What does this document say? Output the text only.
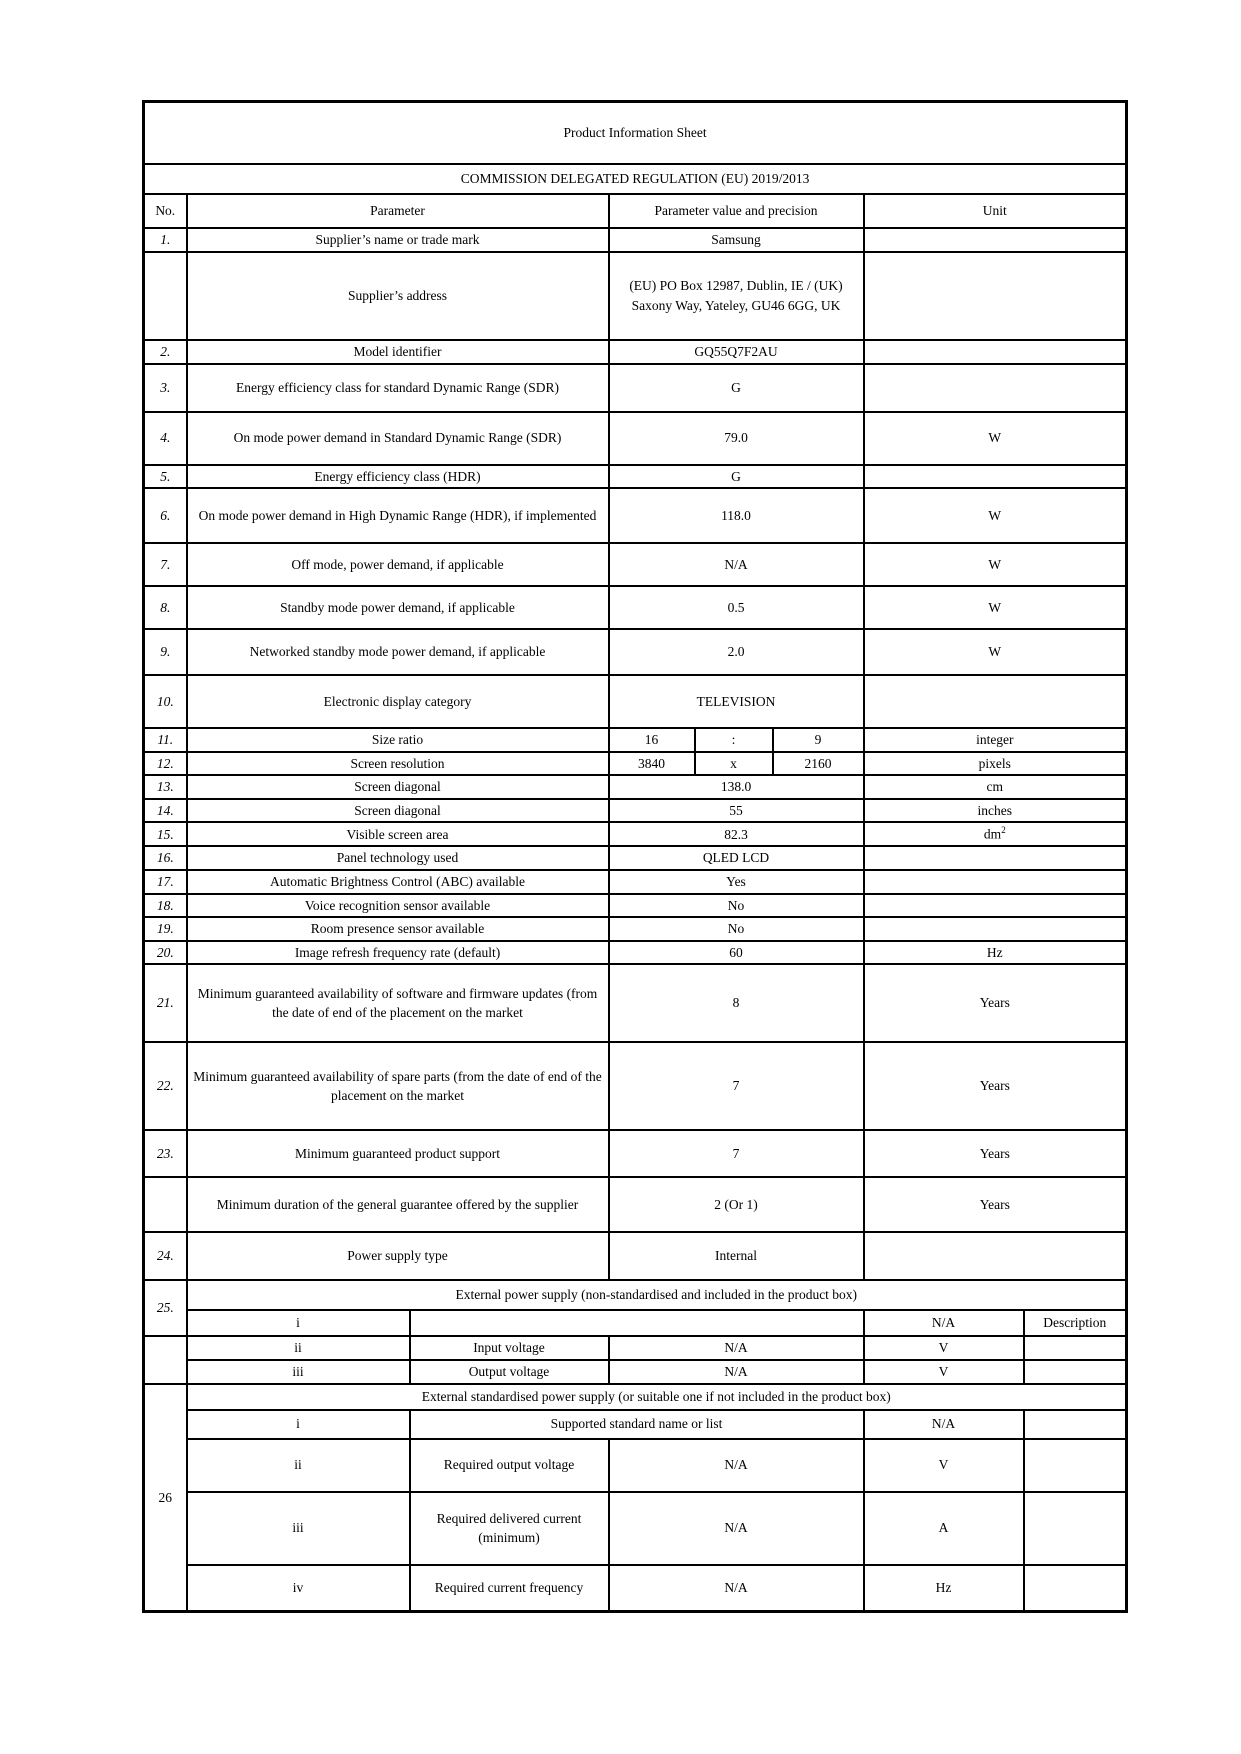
Product Information Sheet							
COMMISSION DELEGATED REGULATION (EU) 2019/2013							
No.	Parameter		Parameter value and precision			Unit	
1.	Supplier’s name or trade mark		Samsung				
	Supplier’s address		(EU) PO Box 12987, Dublin, IE / (UK) Saxony Way, Yateley, GU46 6GG, UK				
2.	Model identifier		GQ55Q7F2AU				
3.	Energy efficiency class for standard Dynamic Range (SDR)		G				
4.	On mode power demand in Standard Dynamic Range (SDR)		79.0			W	
5.	Energy efficiency class (HDR)		G				
6.	On mode power demand in High Dynamic Range (HDR), if implemented		118.0			W	
7.	Off mode, power demand, if applicable		N/A			W	
8.	Standby mode power demand, if applicable		0.5			W	
9.	Networked standby mode power demand, if applicable		2.0			W	
10.	Electronic display category		TELEVISION				
11.	Size ratio		16	:	9	integer	
12.	Screen resolution		3840	x	2160	pixels	
13.	Screen diagonal		138.0			cm	
14.	Screen diagonal		55			inches	
15.	Visible screen area		82.3			$dm^2$
16.	Panel technology used		QLED LCD				
17.	Automatic Brightness Control (ABC) available		Yes				
18.	Voice recognition sensor available		No				
19.	Room presence sensor available		No				
20.	Image refresh frequency rate (default)		60			Hz	
21.	Minimum guaranteed availability of software and firmware updates (from the date of end of the placement on the market		8			Years	
22.	Minimum guaranteed availability of spare parts (from the date of end of the placement on the market		7			Years	
23.	Minimum guaranteed product support		7			Years	
	Minimum duration of the general guarantee offered by the supplier		2 (Or 1)			Years	
24.	Power supply type		Internal				
25.	External power supply (non-standardised and included in the product box)						
	i					N/A	Description
	ii	Input voltage	N/A			V	
	iii	Output voltage	N/A			V	
26	External standardised power supply (or suitable one if not included in the product box)						
	i	Supported standard name or list				N/A	
	ii	Required output voltage	N/A			V	
	iii	Required delivered current (minimum)	N/A			A	
	iv	Required current frequency	N/A			Hz	
